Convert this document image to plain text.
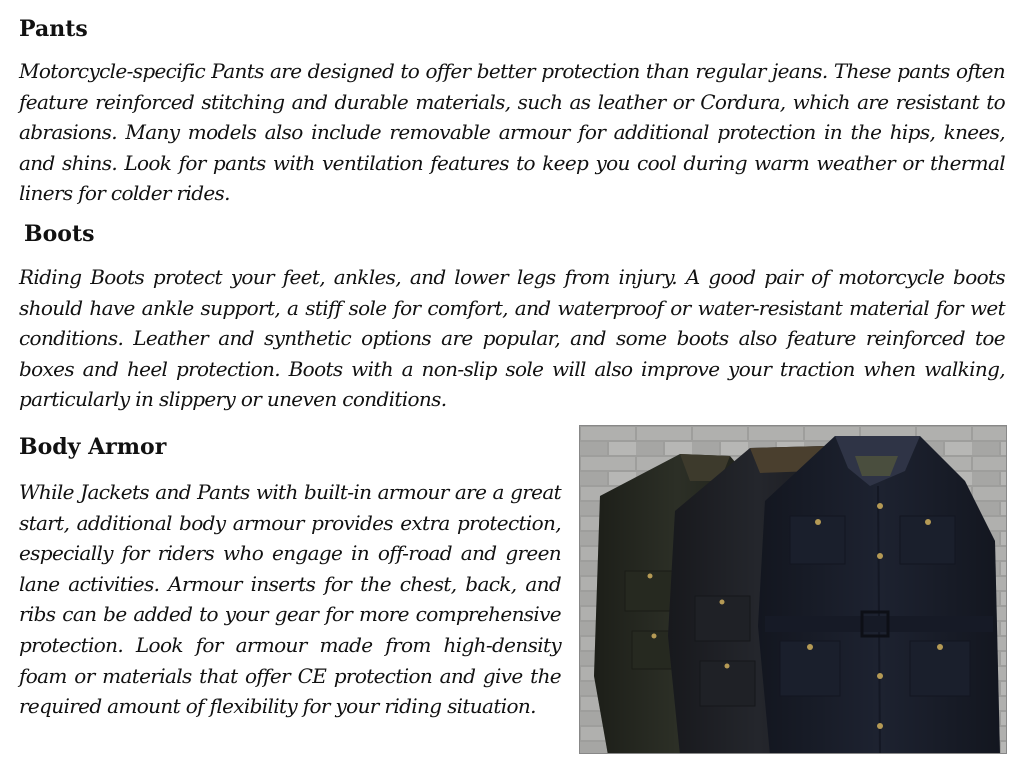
Pants

Motorcycle-specific Pants are designed to offer better protection than regular jeans. These pants often feature reinforced stitching and durable materials, such as leather or Cordura, which are resistant to abrasions. Many models also include removable armour for additional protection in the hips, knees, and shins. Look for pants with ventilation features to keep you cool during warm weather or thermal liners for colder rides.

Boots

Riding Boots protect your feet, ankles, and lower legs from injury. A good pair of motorcycle boots should have ankle support, a stiff sole for comfort, and waterproof or water-resistant material for wet conditions. Leather and synthetic options are popular, and some boots also feature reinforced toe boxes and heel protection. Boots with a non-slip sole will also improve your traction when walking, particularly in slippery or uneven conditions.

Body Armor

While Jackets and Pants with built-in armour are a great start, additional body armour provides extra protection, especially for riders who engage in off-road and green lane activities. Armour inserts for the chest, back, and ribs can be added to your gear for more comprehensive protection. Look for armour made from high-density foam or materials that offer CE protection and give the required amount of flexibility for your riding situation.
